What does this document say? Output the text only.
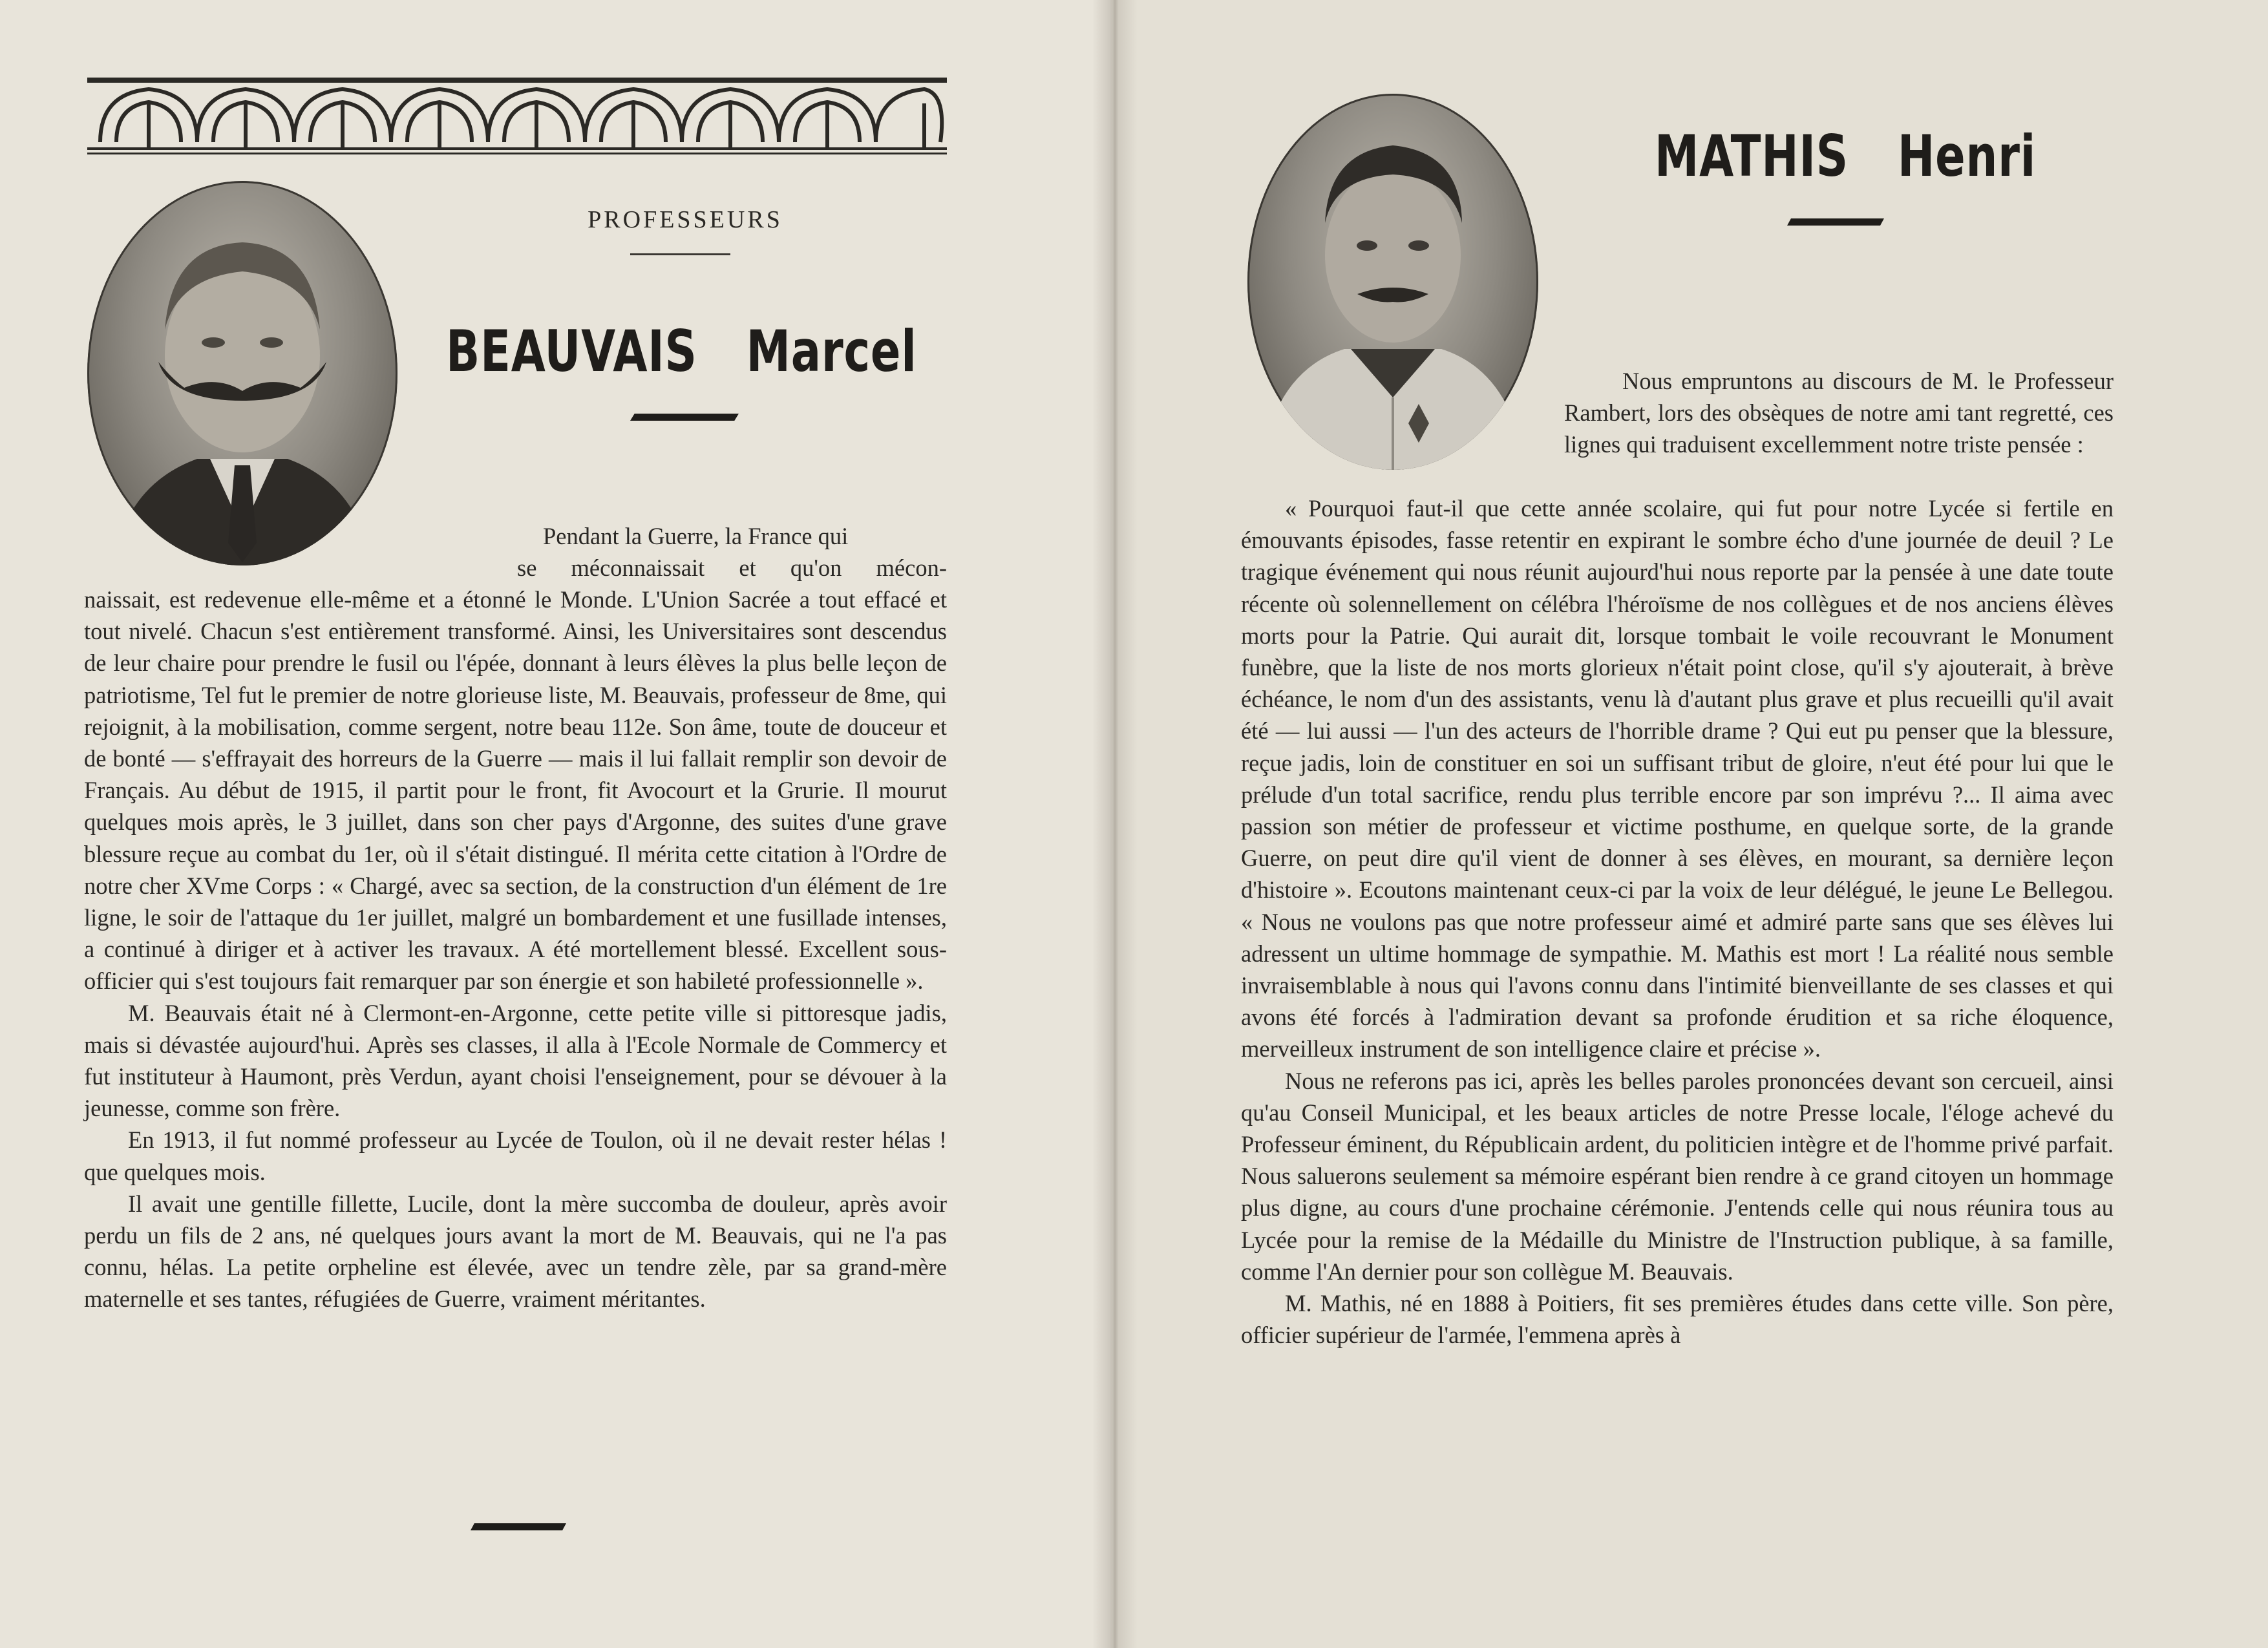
PROFESSEURS
BEAUVAIS Marcel

Pendant la Guerre, la France qui

se méconnaissait et qu'on mécon-

naissait, est redevenue elle-même et a étonné le Monde. L'Union Sacrée a tout effacé et tout nivelé. Chacun s'est entièrement transformé. Ainsi, les Universitaires sont descendus de leur chaire pour prendre le fusil ou l'épée, donnant à leurs élèves la plus belle leçon de patriotisme, Tel fut le premier de notre glorieuse liste, M. Beauvais, professeur de 8me, qui rejoignit, à la mobilisation, comme sergent, notre beau 112e. Son âme, toute de douceur et de bonté — s'effrayait des horreurs de la Guerre — mais il lui fallait remplir son devoir de Français. Au début de 1915, il partit pour le front, fit Avocourt et la Grurie. Il mourut quelques mois après, le 3 juillet, dans son cher pays d'Argonne, des suites d'une grave blessure reçue au combat du 1er, où il s'était distingué. Il mérita cette citation à l'Ordre de notre cher XVme Corps : « Chargé, avec sa section, de la construction d'un élément de 1re ligne, le soir de l'attaque du 1er juillet, malgré un bombardement et une fusillade intenses, a continué à diriger et à activer les travaux. A été mortellement blessé. Excellent sous-officier qui s'est toujours fait remarquer par son énergie et son habileté professionnelle ».

M. Beauvais était né à Clermont-en-Argonne, cette petite ville si pittoresque jadis, mais si dévastée aujourd'hui. Après ses classes, il alla à l'Ecole Normale de Commercy et fut instituteur à Haumont, près Verdun, ayant choisi l'enseignement, pour se dévouer à la jeunesse, comme son frère.

En 1913, il fut nommé professeur au Lycée de Toulon, où il ne devait rester hélas ! que quelques mois.

Il avait une gentille fillette, Lucile, dont la mère succomba de douleur, après avoir perdu un fils de 2 ans, né quelques jours avant la mort de M. Beauvais, qui ne l'a pas connu, hélas. La petite orpheline est élevée, avec un tendre zèle, par sa grand-mère maternelle et ses tantes, réfugiées de Guerre, vraiment méritantes.

MATHIS Henri

Nous empruntons au discours de M. le Professeur Rambert, lors des obsèques de notre ami tant regretté, ces lignes qui traduisent excellemment notre triste pensée :

« Pourquoi faut-il que cette année scolaire, qui fut pour notre Lycée si fertile en émouvants épisodes, fasse retentir en expirant le sombre écho d'une journée de deuil ? Le tragique événement qui nous réunit aujourd'hui nous reporte par la pensée à une date toute récente où solennellement on célébra l'héroïsme de nos collègues et de nos anciens élèves morts pour la Patrie. Qui aurait dit, lorsque tombait le voile recouvrant le Monument funèbre, que la liste de nos morts glorieux n'était point close, qu'il s'y ajouterait, à brève échéance, le nom d'un des assistants, venu là d'autant plus grave et plus recueilli qu'il avait été — lui aussi — l'un des acteurs de l'horrible drame ? Qui eut pu penser que la blessure, reçue jadis, loin de constituer en soi un suffisant tribut de gloire, n'eut été pour lui que le prélude d'un total sacrifice, rendu plus terrible encore par son imprévu ?... Il aima avec passion son métier de professeur et victime posthume, en quelque sorte, de la grande Guerre, on peut dire qu'il vient de donner à ses élèves, en mourant, sa dernière leçon d'histoire ». Ecoutons maintenant ceux-ci par la voix de leur délégué, le jeune Le Bellegou. « Nous ne voulons pas que notre professeur aimé et admiré parte sans que ses élèves lui adressent un ultime hommage de sympathie. M. Mathis est mort ! La réalité nous semble invraisemblable à nous qui l'avons connu dans l'intimité bienveillante de ses classes et qui avons été forcés à l'admiration devant sa profonde érudition et sa riche éloquence, merveilleux instrument de son intelligence claire et précise ».

Nous ne referons pas ici, après les belles paroles prononcées devant son cercueil, ainsi qu'au Conseil Municipal, et les beaux articles de notre Presse locale, l'éloge achevé du Professeur éminent, du Républicain ardent, du politicien intègre et de l'homme privé parfait. Nous saluerons seulement sa mémoire espérant bien rendre à ce grand citoyen un hommage plus digne, au cours d'une prochaine cérémonie. J'entends celle qui nous réunira tous au Lycée pour la remise de la Médaille du Ministre de l'Instruction publique, à sa famille, comme l'An dernier pour son collègue M. Beauvais.

M. Mathis, né en 1888 à Poitiers, fit ses premières études dans cette ville. Son père, officier supérieur de l'armée, l'emmena après à
